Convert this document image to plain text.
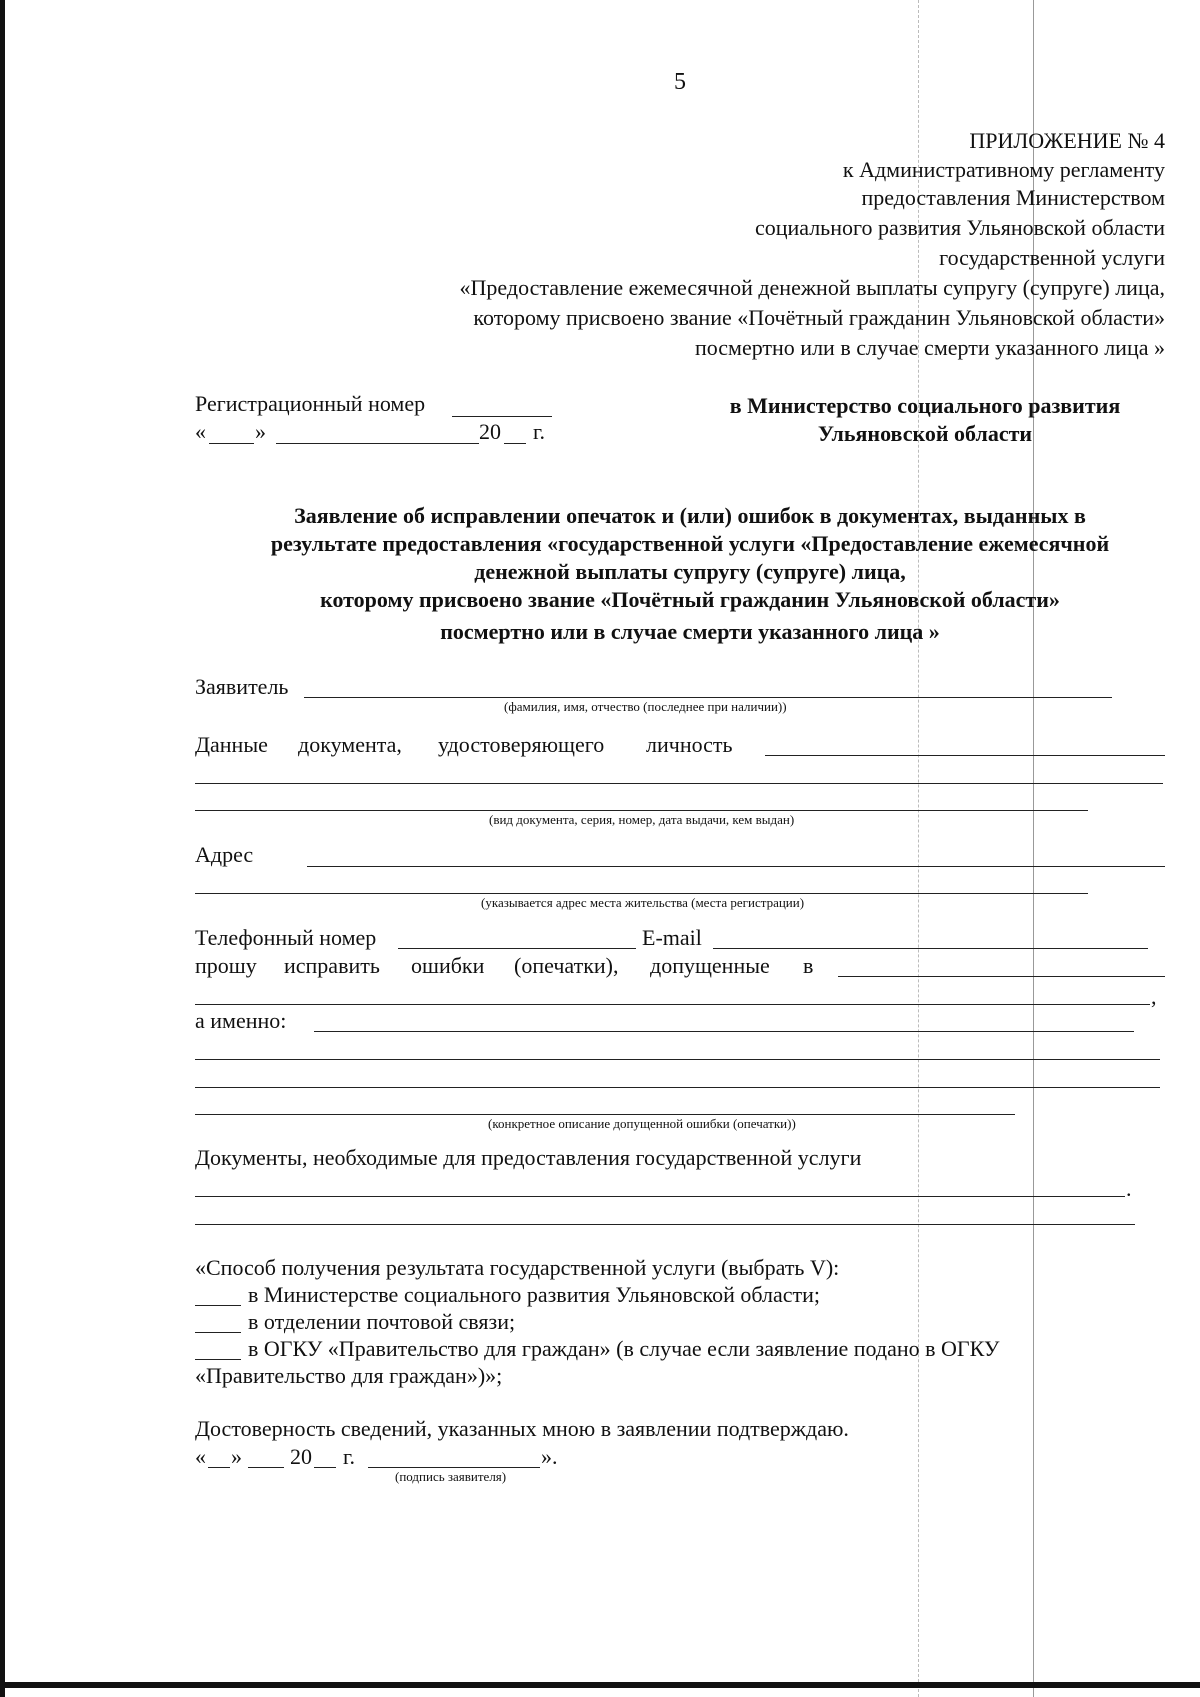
5
ПРИЛОЖЕНИЕ № 4
к Административному регламенту
предоставления Министерством
социального развития Ульяновской области
государственной услуги
«Предоставление ежемесячной денежной выплаты супругу (супруге) лица,
которому присвоено звание «Почётный гражданин Ульяновской области»
посмертно или в случае смерти указанного лица »
Регистрационный номер
« »	20 г.
в Министерство социального развития
Ульяновской области
Заявление об исправлении опечаток и (или) ошибок в документах, выданных в
результате предоставления «государственной услуги «Предоставление ежемесячной
денежной выплаты супругу (супруге) лица,
которому присвоено звание «Почётный гражданин Ульяновской области»
посмертно или в случае смерти указанного лица »
Заявитель
(фамилия, имя, отчество (последнее при наличии))
Данные документа, удостоверяющего личность
(вид документа, серия, номер, дата выдачи, кем выдан)
Адрес
(указывается адрес места жительства (места регистрации)
Телефонный номер	E-mail
прошу исправить ошибки (опечатки), допущенные в
,
а именно:
(конкретное описание допущенной ошибки (опечатки))
Документы, необходимые для предоставления государственной услуги
.
«Способ получения результата государственной услуги (выбрать V):
в Министерстве социального развития Ульяновской области;
в отделении почтовой связи;
в ОГКУ «Правительство для граждан» (в случае если заявление подано в ОГКУ
«Правительство для граждан»)»;
Достоверность сведений, указанных мною в заявлении подтверждаю.
« » 20 г.	».
(подпись заявителя)
